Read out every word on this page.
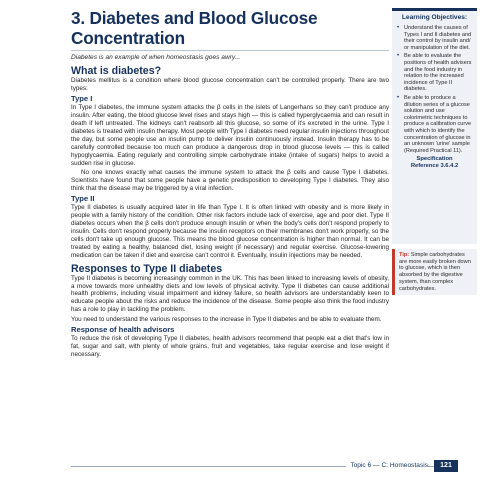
3. Diabetes and Blood Glucose
Concentration
Diabetes is an example of when homeostasis goes awry...
What is diabetes?
Diabetes mellitus is a condition where blood glucose concentration can't be controlled properly. There are two types:
Type I
In Type I diabetes, the immune system attacks the β cells in the islets of Langerhans so they can't produce any insulin. After eating, the blood glucose level rises and stays high — this is called hyperglycaemia and can result in death if left untreated. The kidneys can't reabsorb all this glucose, so some of it's excreted in the urine. Type I diabetes is treated with insulin therapy. Most people with Type I diabetes need regular insulin injections throughout the day, but some people use an insulin pump to deliver insulin continuously instead. Insulin therapy has to be carefully controlled because too much can produce a dangerous drop in blood glucose levels — this is called hypoglycaemia. Eating regularly and controlling simple carbohydrate intake (intake of sugars) helps to avoid a sudden rise in glucose.
No one knows exactly what causes the immune system to attack the β cells and cause Type I diabetes. Scientists have found that some people have a genetic predisposition to developing Type I diabetes. They also think that the disease may be triggered by a viral infection.
Type II
Type II diabetes is usually acquired later in life than Type I. It is often linked with obesity and is more likely in people with a family history of the condition. Other risk factors include lack of exercise, age and poor diet. Type II diabetes occurs when the β cells don't produce enough insulin or when the body's cells don't respond properly to insulin. Cells don't respond properly because the insulin receptors on their membranes don't work properly, so the cells don't take up enough glucose. This means the blood glucose concentration is higher than normal. It can be treated by eating a healthy, balanced diet, losing weight (if necessary) and regular exercise. Glucose-lowering medication can be taken if diet and exercise can't control it. Eventually, insulin injections may be needed.
Responses to Type II diabetes
Type II diabetes is becoming increasingly common in the UK. This has been linked to increasing levels of obesity, a move towards more unhealthy diets and low levels of physical activity. Type II diabetes can cause additional health problems, including visual impairment and kidney failure, so health advisors are understandably keen to educate people about the risks and reduce the incidence of the disease. Some people also think the food industry has a role to play in tackling the problem.
You need to understand the various responses to the increase in Type II diabetes and be able to evaluate them.
Response of health advisors
To reduce the risk of developing Type II diabetes, health advisors recommend that people eat a diet that's low in fat, sugar and salt, with plenty of whole grains, fruit and vegetables, take regular exercise and lose weight if necessary.
Learning Objectives:
• Understand the causes of Types I and II diabetes and their control by insulin and/ or manipulation of the diet.
• Be able to evaluate the positions of health advisers and the food industry in relation to the increased incidence of Type II diabetes.
• Be able to produce a dilution series of a glucose solution and use colorimetric techniques to produce a calibration curve with which to identify the concentration of glucose in an unknown 'urine' sample (Required Practical 11).
Specification
Reference 3.6.4.2
Tip: Simple carbohydrates are more easily broken down to glucose, which is then absorbed by the digestive system, than complex carbohydrates.
Topic 6 — C: Homeostasis	121
